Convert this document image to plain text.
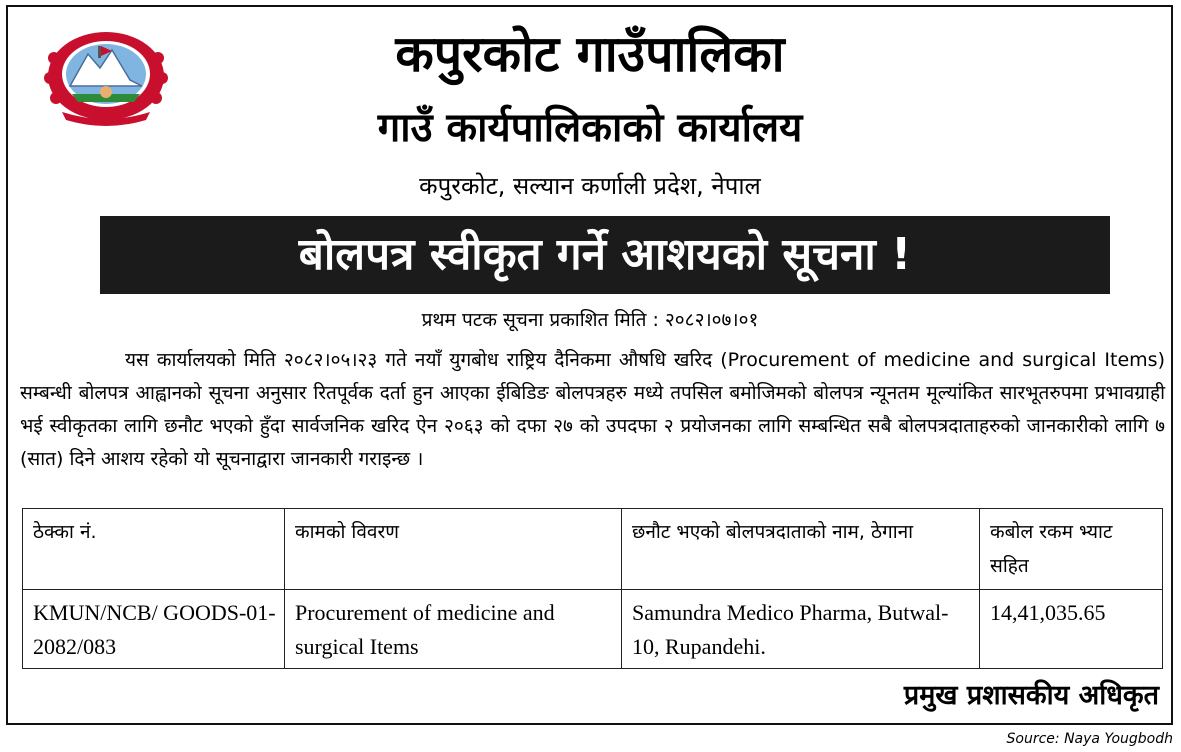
कपुरकोट गाउँपालिका
गाउँ कार्यपालिकाको कार्यालय
कपुरकोट, सल्यान कर्णाली प्रदेश, नेपाल
बोलपत्र स्वीकृत गर्ने आशयको सूचना !
प्रथम पटक सूचना प्रकाशित मिति : २०८२।०७।०१
यस कार्यालयको मिति २०८२।०५।२३ गते नयाँ युगबोध राष्ट्रिय दैनिकमा औषधि खरिद (Procurement of medicine and surgical Items) सम्बन्धी बोलपत्र आह्वानको सूचना अनुसार रितपूर्वक दर्ता हुन आएका ईबिडिङ बोलपत्रहरु मध्ये तपसिल बमोजिमको बोलपत्र न्यूनतम मूल्यांकित सारभूतरुपमा प्रभावग्राही भई स्वीकृतका लागि छनौट भएको हुँदा सार्वजनिक खरिद ऐन २०६३ को दफा २७ को उपदफा २ प्रयोजनका लागि सम्बन्धित सबै बोलपत्रदाताहरुको जानकारीको लागि ७ (सात) दिने आशय रहेको यो सूचनाद्वारा जानकारी गराइन्छ ।
ठेक्का नं.	कामको विवरण	छनौट भएको बोलपत्रदाताको नाम, ठेगाना	कबोल रकम भ्याट सहित
KMUN/NCB/ GOODS-01-2082/083	Procurement of medicine and surgical Items	Samundra Medico Pharma, Butwal-10, Rupandehi.	14,41,035.65
प्रमुख प्रशासकीय अधिकृत
Source: Naya Yougbodh
